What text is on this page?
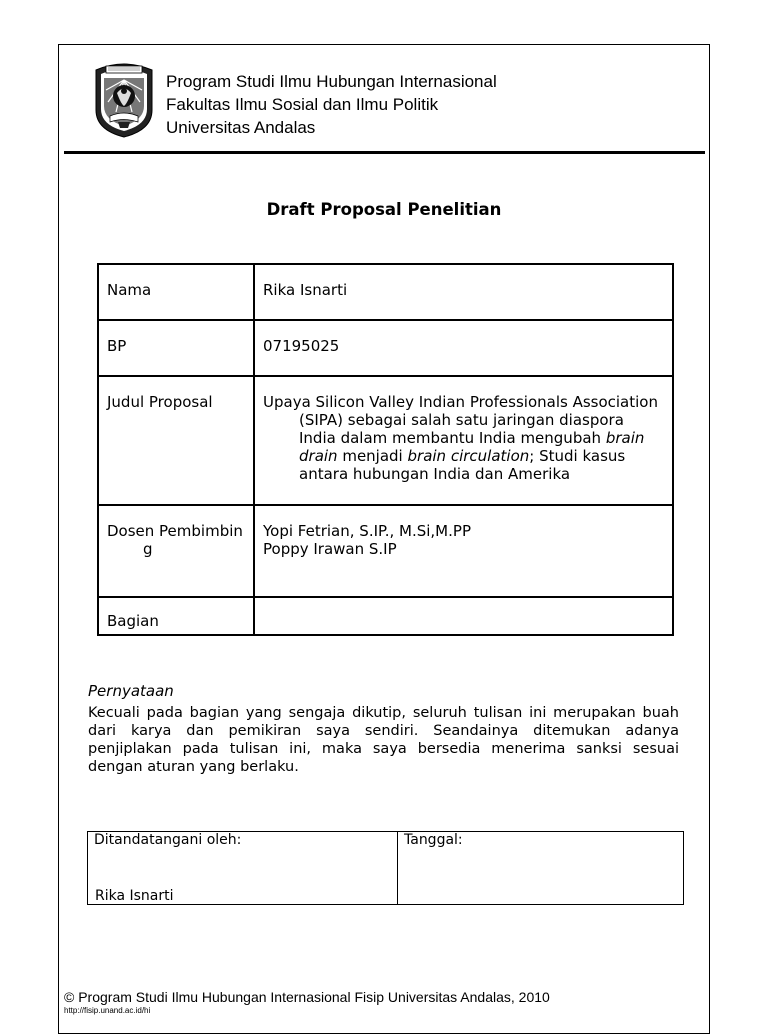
Program Studi Ilmu Hubungan Internasional
Fakultas Ilmu Sosial dan Ilmu Politik
Universitas Andalas
Draft Proposal Penelitian
Nama	Rika Isnarti
BP	07195025
Judul Proposal	Upaya Silicon Valley Indian Professionals Association (SIPA) sebagai salah satu jaringan diaspora India dalam membantu India mengubah brain drain menjadi brain circulation; Studi kasus antara hubungan India dan Amerika

Dosen Pembimbing	Yopi Fetrian, S.IP., M.Si,M.PP
Poppy Irawan S.IP

Bagian	
Pernyataan
Kecuali pada bagian yang sengaja dikutip, seluruh tulisan ini merupakan buah dari karya dan pemikiran saya sendiri. Seandainya ditemukan adanya penjiplakan pada tulisan ini, maka saya bersedia menerima sanksi sesuai dengan aturan yang berlaku.
Ditandatangani oleh:
Rika Isnarti

Tanggal:
© Program Studi Ilmu Hubungan Internasional Fisip Universitas Andalas, 2010
http://fisip.unand.ac.id/hi
